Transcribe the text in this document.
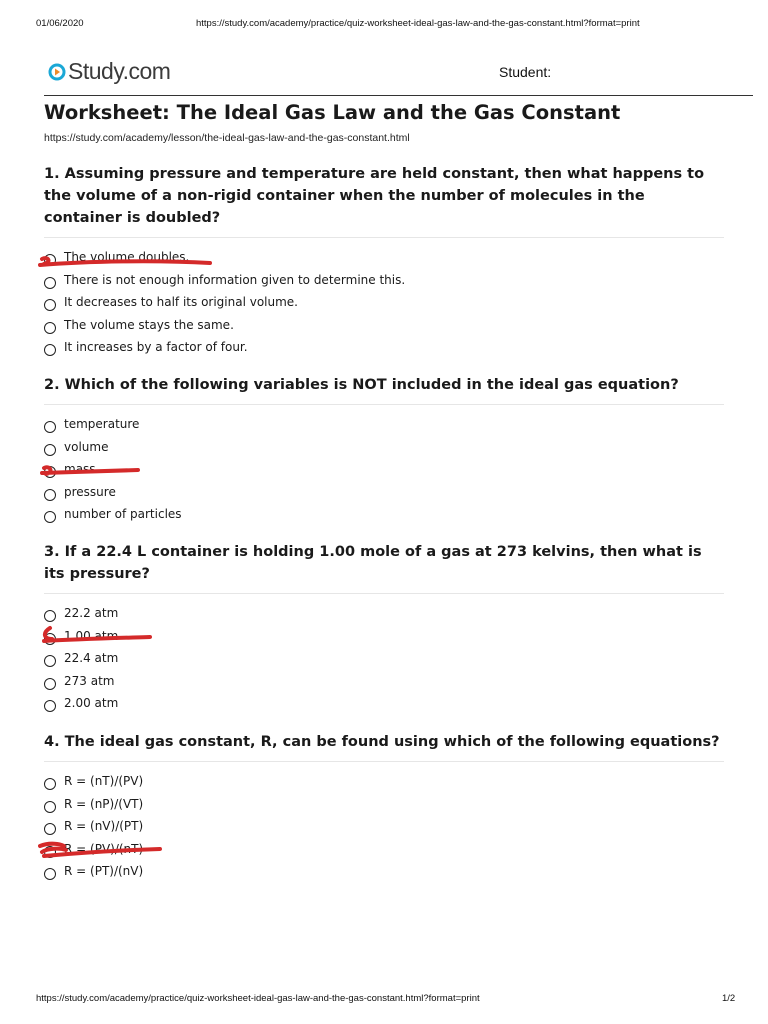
01/06/2020	https://study.com/academy/practice/quiz-worksheet-ideal-gas-law-and-the-gas-constant.html?format=print
Study.com	Student:
Worksheet: The Ideal Gas Law and the Gas Constant
https://study.com/academy/lesson/the-ideal-gas-law-and-the-gas-constant.html

1. Assuming pressure and temperature are held constant, then what happens to the volume of a non-rigid container when the number of molecules in the container is doubled?

The volume doubles.
There is not enough information given to determine this.
It decreases to half its original volume.
The volume stays the same.
It increases by a factor of four.

2. Which of the following variables is NOT included in the ideal gas equation?

temperature
volume
mass
pressure
number of particles

3. If a 22.4 L container is holding 1.00 mole of a gas at 273 kelvins, then what is its pressure?

22.2 atm
1.00 atm
22.4 atm
273 atm
2.00 atm

4. The ideal gas constant, R, can be found using which of the following equations?

R = (nT)/(PV)
R = (nP)/(VT)
R = (nV)/(PT)
R = (PV)/(nT)
R = (PT)/(nV)
https://study.com/academy/practice/quiz-worksheet-ideal-gas-law-and-the-gas-constant.html?format=print	1/2
